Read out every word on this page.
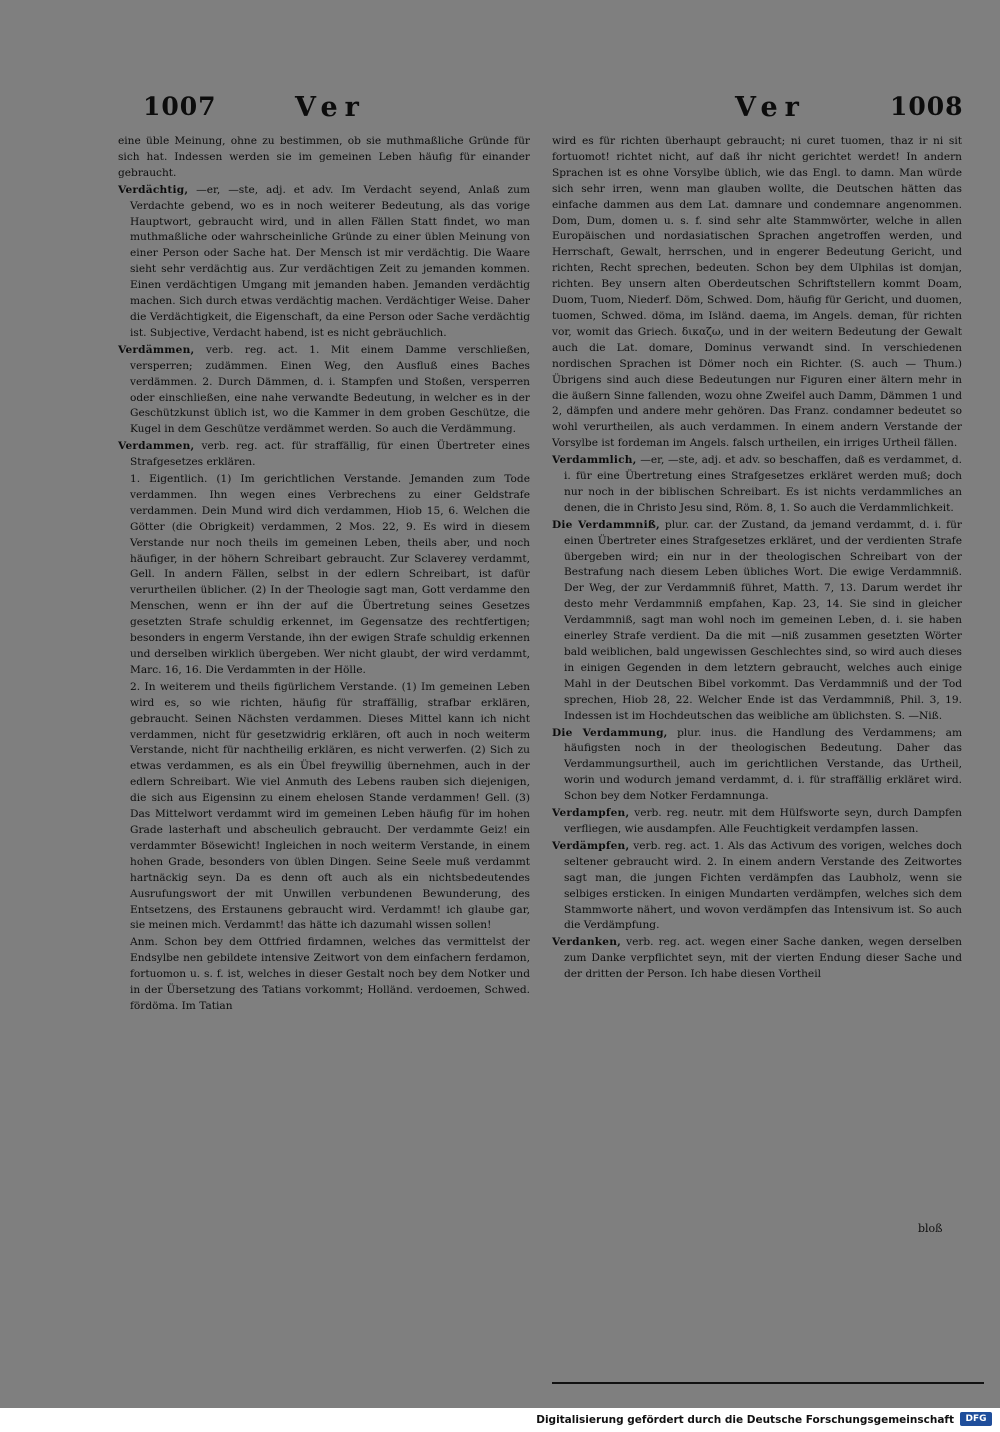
1007	Ver	Ver	1008

eine üble Meinung, ohne zu bestimmen, ob sie muthmaßliche Gründe für sich hat. Indessen werden sie im gemeinen Leben häufig für einander gebraucht.

Verdächtig, —er, —ste, adj. et adv. Im Verdacht seyend, Anlaß zum Verdachte gebend, wo es in noch weiterer Bedeutung, als das vorige Hauptwort, gebraucht wird, und in allen Fällen Statt findet, wo man muthmaßliche oder wahrscheinliche Gründe zu einer üblen Meinung von einer Person oder Sache hat. Der Mensch ist mir verdächtig. Die Waare sieht sehr verdächtig aus. Zur verdächtigen Zeit zu jemanden kommen. Einen verdächtigen Umgang mit jemanden haben. Jemanden verdächtig machen. Sich durch etwas verdächtig machen. Verdächtiger Weise. Daher die Verdächtigkeit, die Eigenschaft, da eine Person oder Sache verdächtig ist. Subjective, Verdacht habend, ist es nicht gebräuchlich.

Verdämmen, verb. reg. act. 1. Mit einem Damme verschließen, versperren; zudämmen. Einen Weg, den Ausfluß eines Baches verdämmen. 2. Durch Dämmen, d. i. Stampfen und Stoßen, versperren oder einschließen, eine nahe verwandte Bedeutung, in welcher es in der Geschützkunst üblich ist, wo die Kammer in dem groben Geschütze, die Kugel in dem Geschütze verdämmet werden. So auch die Verdämmung.

Verdammen, verb. reg. act. für straffällig, für einen Übertreter eines Strafgesetzes erklären.

1. Eigentlich. (1) Im gerichtlichen Verstande. Jemanden zum Tode verdammen. Ihn wegen eines Verbrechens zu einer Geldstrafe verdammen. Dein Mund wird dich verdammen, Hiob 15, 6. Welchen die Götter (die Obrigkeit) verdammen, 2 Mos. 22, 9. Es wird in diesem Verstande nur noch theils im gemeinen Leben, theils aber, und noch häufiger, in der höhern Schreibart gebraucht. Zur Sclaverey verdammt, Gell. In andern Fällen, selbst in der edlern Schreibart, ist dafür verurtheilen üblicher. (2) In der Theologie sagt man, Gott verdamme den Menschen, wenn er ihn der auf die Übertretung seines Gesetzes gesetzten Strafe schuldig erkennet, im Gegensatze des rechtfertigen; besonders in engerm Verstande, ihn der ewigen Strafe schuldig erkennen und derselben wirklich übergeben. Wer nicht glaubt, der wird verdammt, Marc. 16, 16. Die Verdammten in der Hölle.

2. In weiterem und theils figürlichem Verstande. (1) Im gemeinen Leben wird es, so wie richten, häufig für straffällig, strafbar erklären, gebraucht. Seinen Nächsten verdammen. Dieses Mittel kann ich nicht verdammen, nicht für gesetzwidrig erklären, oft auch in noch weiterm Verstande, nicht für nachtheilig erklären, es nicht verwerfen. (2) Sich zu etwas verdammen, es als ein Übel freywillig übernehmen, auch in der edlern Schreibart. Wie viel Anmuth des Lebens rauben sich diejenigen, die sich aus Eigensinn zu einem ehelosen Stande verdammen! Gell. (3) Das Mittelwort verdammt wird im gemeinen Leben häufig für im hohen Grade lasterhaft und abscheulich gebraucht. Der verdammte Geiz! ein verdammter Bösewicht! Ingleichen in noch weiterm Verstande, in einem hohen Grade, besonders von üblen Dingen. Seine Seele muß verdammt hartnäckig seyn. Da es denn oft auch als ein nichtsbedeutendes Ausrufungswort der mit Unwillen verbundenen Bewunderung, des Entsetzens, des Erstaunens gebraucht wird. Verdammt! ich glaube gar, sie meinen mich. Verdammt! das hätte ich dazumahl wissen sollen!

Anm. Schon bey dem Ottfried firdamnen, welches das vermittelst der Endsylbe nen gebildete intensive Zeitwort von dem einfachern ferdamon, fortuomon u. s. f. ist, welches in dieser Gestalt noch bey dem Notker und in der Übersetzung des Tatians vorkommt; Holländ. verdoemen, Schwed. fördöma. Im Tatian

wird es für richten überhaupt gebraucht; ni curet tuomen, thaz ir ni sit fortuomot! richtet nicht, auf daß ihr nicht gerichtet werdet! In andern Sprachen ist es ohne Vorsylbe üblich, wie das Engl. to damn. Man würde sich sehr irren, wenn man glauben wollte, die Deutschen hätten das einfache dammen aus dem Lat. damnare und condemnare angenommen. Dom, Dum, domen u. s. f. sind sehr alte Stammwörter, welche in allen Europäischen und nordasiatischen Sprachen angetroffen werden, und Herrschaft, Gewalt, herrschen, und in engerer Bedeutung Gericht, und richten, Recht sprechen, bedeuten. Schon bey dem Ulphilas ist domjan, richten. Bey unsern alten Oberdeutschen Schriftstellern kommt Doam, Duom, Tuom, Niederf. Döm, Schwed. Dom, häufig für Gericht, und duomen, tuomen, Schwed. döma, im Isländ. daema, im Angels. deman, für richten vor, womit das Griech. δικαζω, und in der weitern Bedeutung der Gewalt auch die Lat. domare, Dominus verwandt sind. In verschiedenen nordischen Sprachen ist Dömer noch ein Richter. (S. auch — Thum.) Übrigens sind auch diese Bedeutungen nur Figuren einer ältern mehr in die äußern Sinne fallenden, wozu ohne Zweifel auch Damm, Dämmen 1 und 2, dämpfen und andere mehr gehören. Das Franz. condamner bedeutet so wohl verurtheilen, als auch verdammen. In einem andern Verstande der Vorsylbe ist fordeman im Angels. falsch urtheilen, ein irriges Urtheil fällen.

Verdammlich, —er, —ste, adj. et adv. so beschaffen, daß es verdammet, d. i. für eine Übertretung eines Strafgesetzes erkläret werden muß; doch nur noch in der biblischen Schreibart. Es ist nichts verdammliches an denen, die in Christo Jesu sind, Röm. 8, 1. So auch die Verdammlichkeit.

Die Verdammniß, plur. car. der Zustand, da jemand verdammt, d. i. für einen Übertreter eines Strafgesetzes erkläret, und der verdienten Strafe übergeben wird; ein nur in der theologischen Schreibart von der Bestrafung nach diesem Leben übliches Wort. Die ewige Verdammniß. Der Weg, der zur Verdammniß führet, Matth. 7, 13. Darum werdet ihr desto mehr Verdammniß empfahen, Kap. 23, 14. Sie sind in gleicher Verdammniß, sagt man wohl noch im gemeinen Leben, d. i. sie haben einerley Strafe verdient. Da die mit —niß zusammen gesetzten Wörter bald weiblichen, bald ungewissen Geschlechtes sind, so wird auch dieses in einigen Gegenden in dem letztern gebraucht, welches auch einige Mahl in der Deutschen Bibel vorkommt. Das Verdammniß und der Tod sprechen, Hiob 28, 22. Welcher Ende ist das Verdammniß, Phil. 3, 19. Indessen ist im Hochdeutschen das weibliche am üblichsten. S. —Niß.

Die Verdammung, plur. inus. die Handlung des Verdammens; am häufigsten noch in der theologischen Bedeutung. Daher das Verdammungsurtheil, auch im gerichtlichen Verstande, das Urtheil, worin und wodurch jemand verdammt, d. i. für straffällig erkläret wird. Schon bey dem Notker Ferdamnunga.

Verdampfen, verb. reg. neutr. mit dem Hülfsworte seyn, durch Dampfen verfliegen, wie ausdampfen. Alle Feuchtigkeit verdampfen lassen.

Verdämpfen, verb. reg. act. 1. Als das Activum des vorigen, welches doch seltener gebraucht wird. 2. In einem andern Verstande des Zeitwortes sagt man, die jungen Fichten verdämpfen das Laubholz, wenn sie selbiges ersticken. In einigen Mundarten verdämpfen, welches sich dem Stammworte nähert, und wovon verdämpfen das Intensivum ist. So auch die Verdämpfung.

Verdanken, verb. reg. act. wegen einer Sache danken, wegen derselben zum Danke verpflichtet seyn, mit der vierten Endung dieser Sache und der dritten der Person. Ich habe diesen Vortheil

bloß
Digitalisierung gefördert durch die Deutsche Forschungsgemeinschaft	DFG
